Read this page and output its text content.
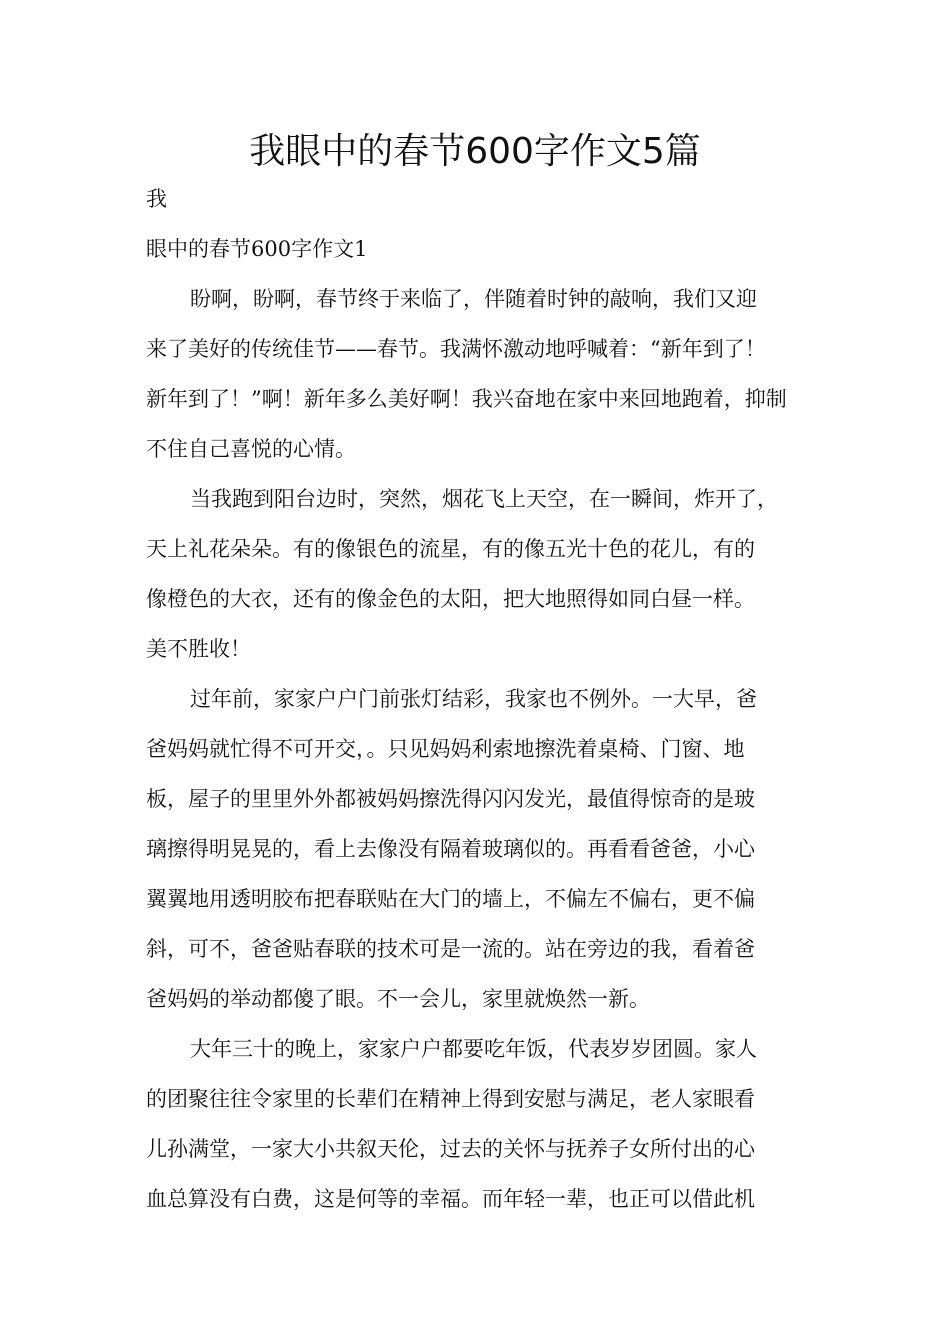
我眼中的春节600字作文5篇
我
眼中的春节600字作文1
盼啊，盼啊，春节终于来临了，伴随着时钟的敲响，我们又迎
来了美好的传统佳节——春节。我满怀激动地呼喊着：“新年到了！
新年到了！”啊！新年多么美好啊！我兴奋地在家中来回地跑着，抑制
不住自己喜悦的心情。
当我跑到阳台边时，突然，烟花飞上天空，在一瞬间，炸开了，
天上礼花朵朵。有的像银色的流星，有的像五光十色的花儿，有的
像橙色的大衣，还有的像金色的太阳，把大地照得如同白昼一样。
美不胜收！
过年前，家家户户门前张灯结彩，我家也不例外。一大早，爸
爸妈妈就忙得不可开交，。只见妈妈利索地擦洗着桌椅、门窗、地
板，屋子的里里外外都被妈妈擦洗得闪闪发光，最值得惊奇的是玻
璃擦得明晃晃的，看上去像没有隔着玻璃似的。再看看爸爸，小心
翼翼地用透明胶布把春联贴在大门的墙上，不偏左不偏右，更不偏
斜，可不，爸爸贴春联的技术可是一流的。站在旁边的我，看着爸
爸妈妈的举动都傻了眼。不一会儿，家里就焕然一新。
大年三十的晚上，家家户户都要吃年饭，代表岁岁团圆。家人
的团聚往往令家里的长辈们在精神上得到安慰与满足，老人家眼看
儿孙满堂，一家大小共叙天伦，过去的关怀与抚养子女所付出的心
血总算没有白费，这是何等的幸福。而年轻一辈，也正可以借此机
